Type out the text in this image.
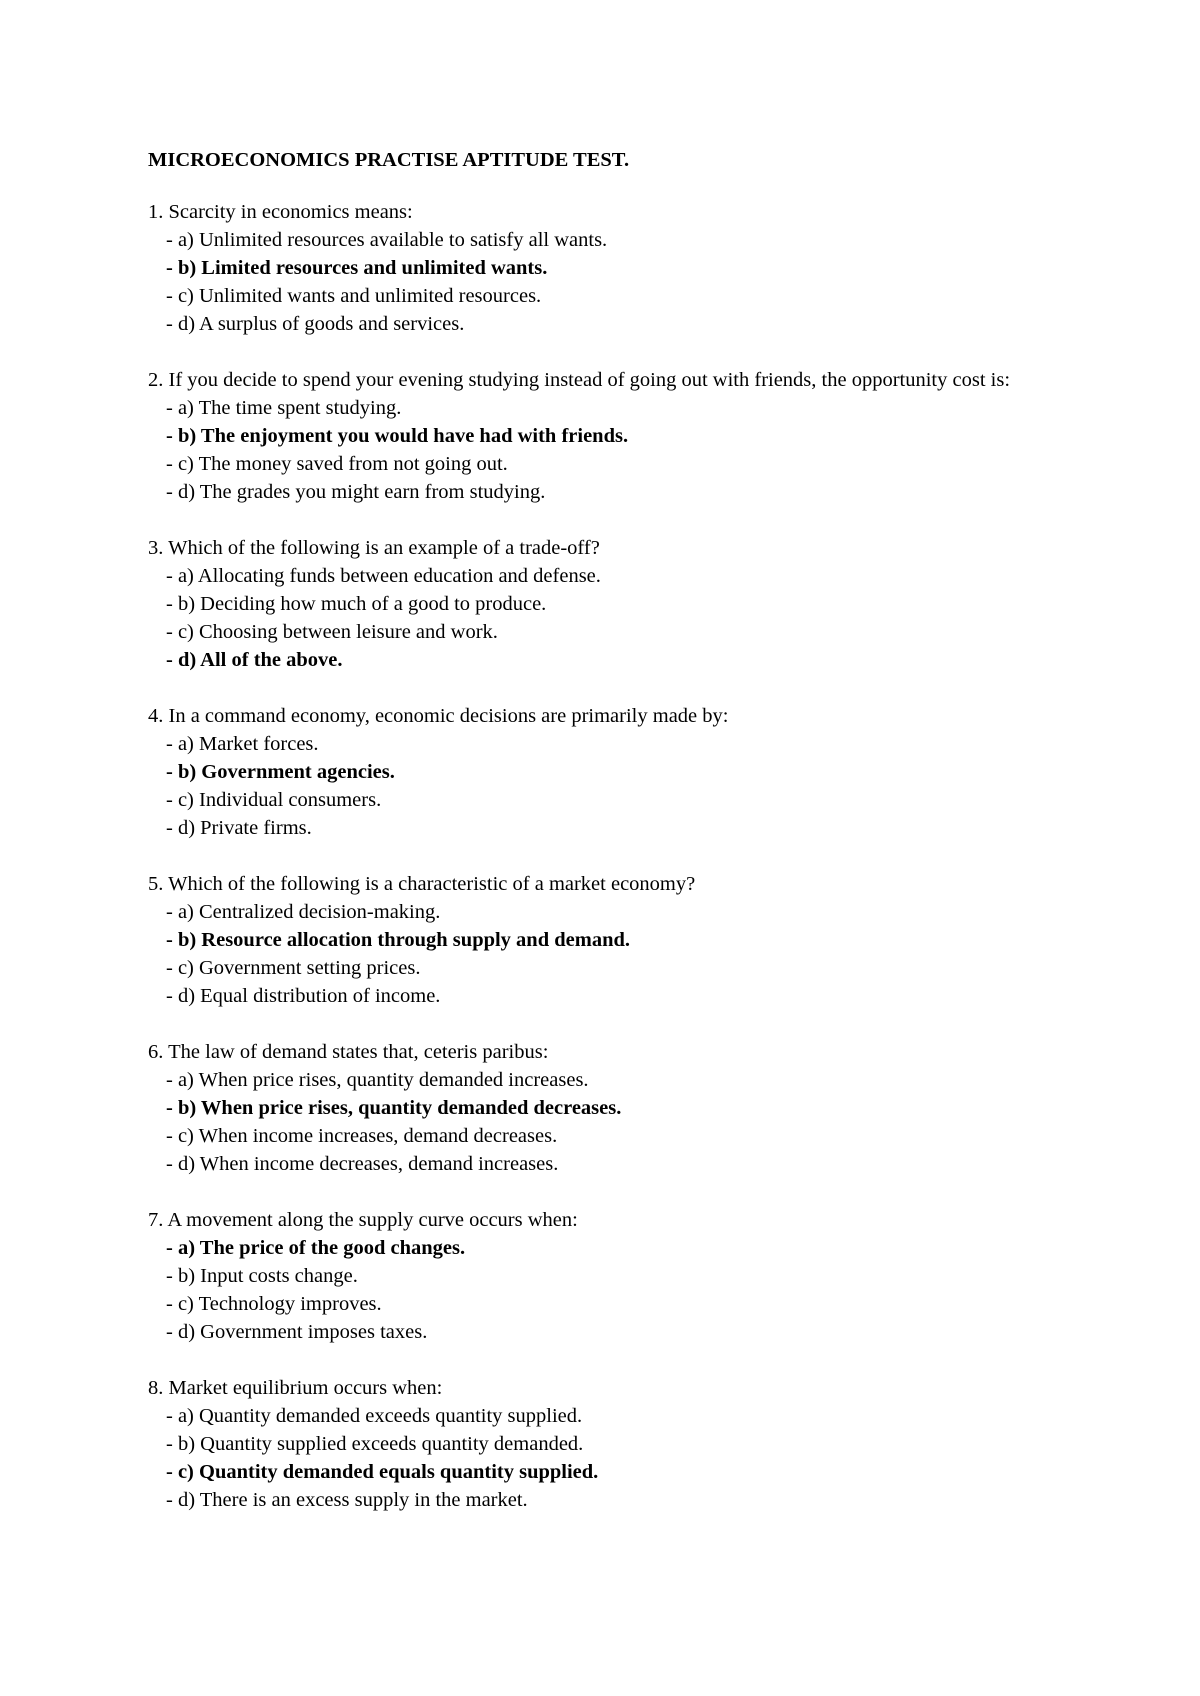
MICROECONOMICS PRACTISE APTITUDE TEST.
1. Scarcity in economics means:
- a) Unlimited resources available to satisfy all wants.
- b) Limited resources and unlimited wants.
- c) Unlimited wants and unlimited resources.
- d) A surplus of goods and services.
2. If you decide to spend your evening studying instead of going out with friends, the opportunity cost is:
- a) The time spent studying.
- b) The enjoyment you would have had with friends.
- c) The money saved from not going out.
- d) The grades you might earn from studying.
3. Which of the following is an example of a trade-off?
- a) Allocating funds between education and defense.
- b) Deciding how much of a good to produce.
- c) Choosing between leisure and work.
- d) All of the above.
4. In a command economy, economic decisions are primarily made by:
- a) Market forces.
- b) Government agencies.
- c) Individual consumers.
- d) Private firms.
5. Which of the following is a characteristic of a market economy?
- a) Centralized decision-making.
- b) Resource allocation through supply and demand.
- c) Government setting prices.
- d) Equal distribution of income.
6. The law of demand states that, ceteris paribus:
- a) When price rises, quantity demanded increases.
- b) When price rises, quantity demanded decreases.
- c) When income increases, demand decreases.
- d) When income decreases, demand increases.
7. A movement along the supply curve occurs when:
- a) The price of the good changes.
- b) Input costs change.
- c) Technology improves.
- d) Government imposes taxes.
8. Market equilibrium occurs when:
- a) Quantity demanded exceeds quantity supplied.
- b) Quantity supplied exceeds quantity demanded.
- c) Quantity demanded equals quantity supplied.
- d) There is an excess supply in the market.
